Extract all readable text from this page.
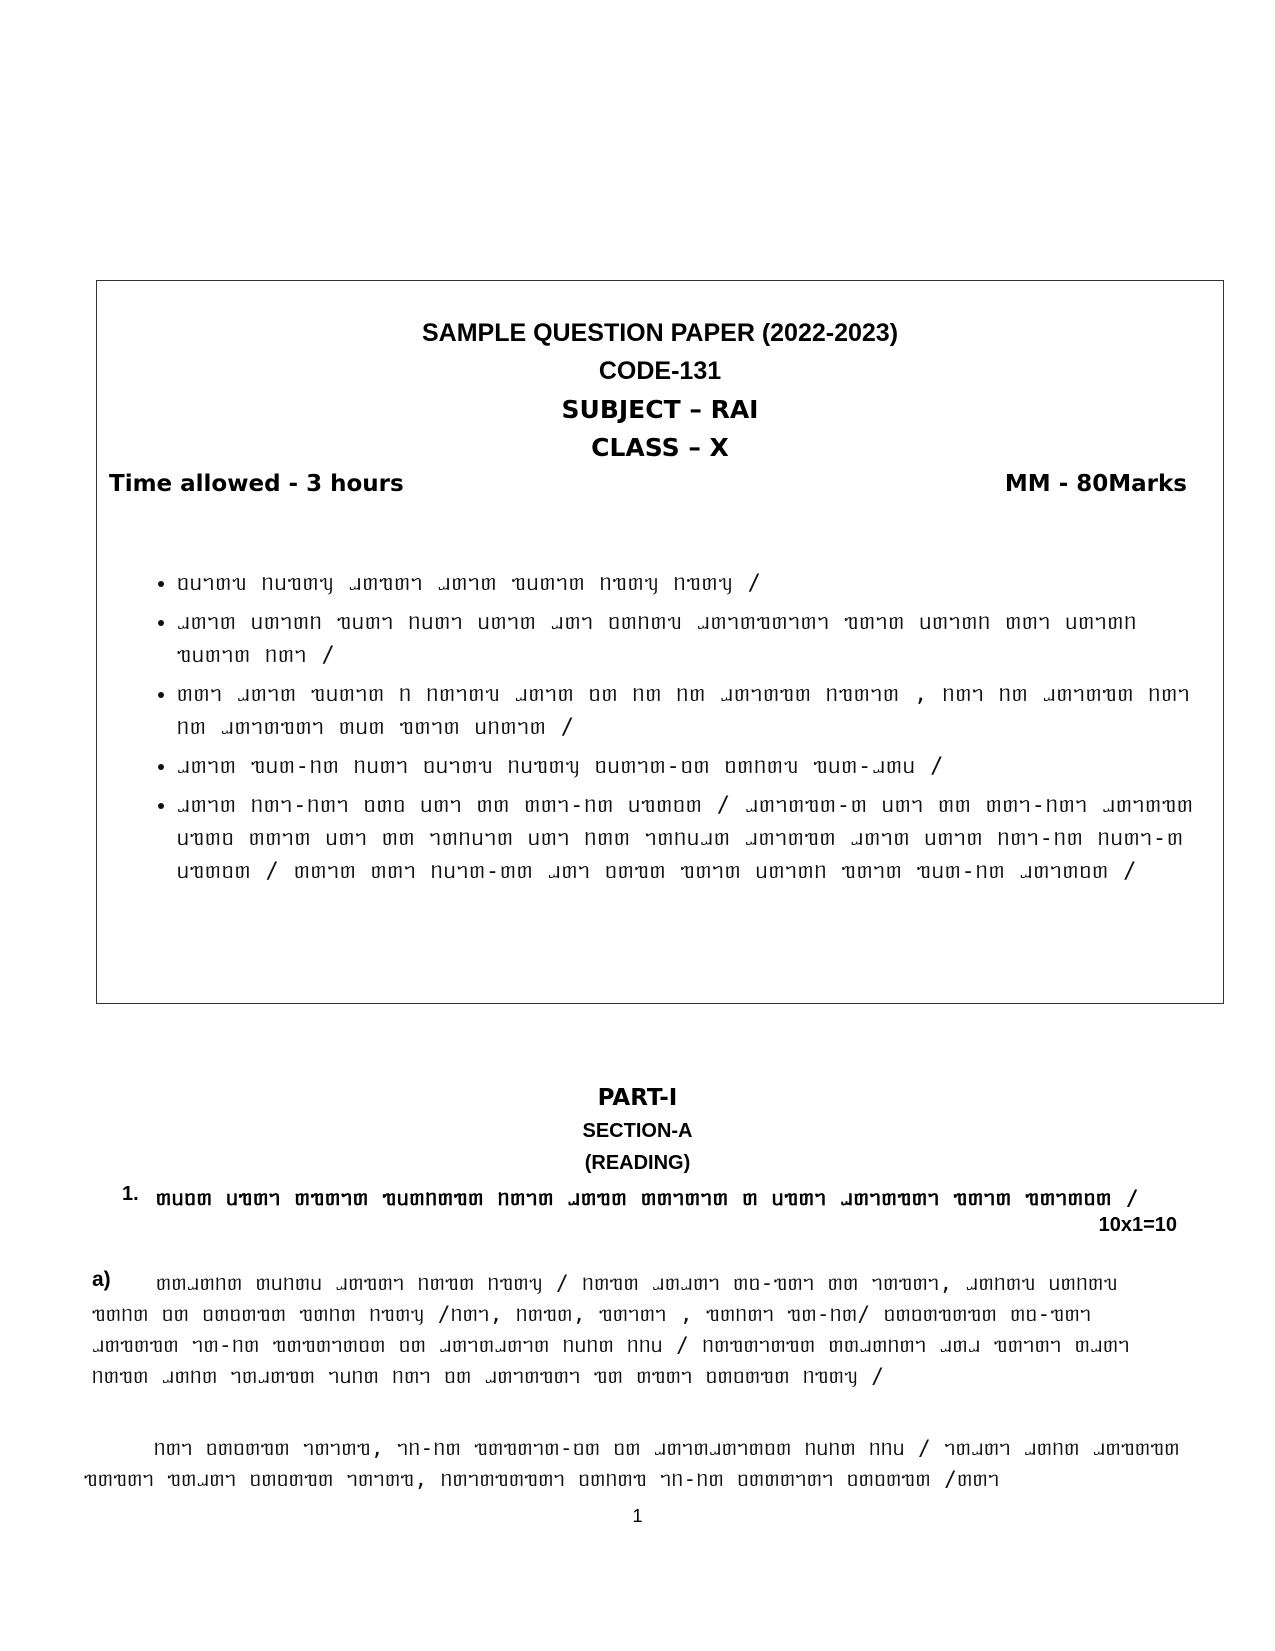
SAMPLE QUESTION PAPER (2022-2023)
CODE-131
SUBJECT – RAI
CLASS – X
Time allowed - 3 hours	MM - 80Marks
• ᥝᥙᥐᥖᥔ ᥒᥙᥓᥖᥡ ᥘᥖᥓᥖᥐ ᥘᥖᥐᥖ ᥓᥙᥖᥐᥖ ᥒᥓᥖᥡ ᥒᥓᥖᥡ /
• ᥘᥖᥐᥖ ᥙᥖᥐᥖᥒ ᥓᥙᥖᥐ ᥒᥙᥖᥐ ᥙᥖᥐᥖ ᥘᥖᥐ ᥝᥖᥒᥖᥔ ᥘᥖᥐᥖᥓᥖᥐᥖᥐ ᥓᥖᥐᥖ ᥙᥖᥐᥖᥒ ᥖᥖᥐ ᥙᥖᥐᥖᥒ ᥓᥙᥖᥐᥖ ᥒᥖᥐ /
• ᥖᥖᥐ ᥘᥖᥐᥖ ᥓᥙᥖᥐᥖ ᥒ ᥒᥖᥐᥖᥔ ᥘᥖᥐᥖ ᥝᥖ ᥒᥖ ᥒᥖ ᥘᥖᥐᥖᥓᥖ ᥒᥓᥖᥐᥖ , ᥒᥖᥐ ᥒᥖ ᥘᥖᥐᥖᥓᥖ ᥒᥖᥐ ᥒᥖ ᥘᥖᥐᥖᥓᥖᥐ ᥖᥙᥖ ᥓᥖᥐᥖ ᥙᥒᥖᥐᥖ /
• ᥘᥖᥐᥖ ᥓᥙᥖ-ᥒᥖ ᥒᥙᥖᥐ ᥝᥙᥐᥖᥔ ᥒᥙᥓᥖᥡ ᥝᥙᥖᥐᥖ-ᥝᥖ ᥝᥖᥒᥖᥔ ᥓᥙᥖ-ᥘᥖᥙ /
• ᥘᥖᥐᥖ ᥒᥖᥐ-ᥒᥖᥐ ᥝᥖᥝ ᥙᥖᥐ ᥖᥖ ᥖᥖᥐ-ᥒᥖ ᥙᥓᥖᥝᥖ / ᥘᥖᥐᥖᥓᥖ-ᥖ ᥙᥖᥐ ᥖᥖ ᥖᥖᥐ-ᥒᥖᥐ ᥘᥖᥐᥖᥓᥖ ᥙᥓᥖᥝ ᥖᥖᥐᥖ ᥙᥖᥐ ᥖᥖ ᥐᥖᥒᥙᥐᥖ ᥙᥖᥐ ᥒᥖᥖ ᥐᥖᥒᥙᥘᥖ ᥘᥖᥐᥖᥓᥖ ᥘᥖᥐᥖ ᥙᥖᥐᥖ ᥒᥖᥐ-ᥒᥖ ᥒᥙᥖᥐ-ᥖ ᥙᥓᥖᥝᥖ / ᥖᥖᥐᥖ ᥖᥖᥐ ᥒᥙᥐᥖ-ᥖᥖ ᥘᥖᥐ ᥝᥖᥓᥖ ᥓᥖᥐᥖ ᥙᥖᥐᥖᥒ ᥓᥖᥐᥖ ᥓᥙᥖ-ᥒᥖ ᥘᥖᥐᥖᥝᥖ /
PART-I
SECTION-A
(READING)
1. ᥖᥙᥝᥖ ᥙᥓᥖᥐ ᥖᥓᥖᥐᥖ ᥓᥙᥖᥒᥖᥓᥖ ᥒᥖᥐᥖ ᥘᥖᥓᥖ ᥖᥖᥐᥖᥐᥖ ᥖ ᥙᥓᥖᥐ ᥘᥖᥐᥖᥓᥖᥐ ᥓᥖᥐᥖ ᥓᥖᥐᥖᥝᥖ /
10x1=10
a)	ᥖᥖᥘᥖᥒᥖ ᥖᥙᥒᥖᥙ ᥘᥖᥓᥖᥐ ᥒᥖᥓᥖ ᥒᥓᥖᥡ / ᥒᥖᥓᥖ ᥘᥖᥘᥖᥐ ᥖᥝ-ᥓᥖᥐ ᥖᥖ ᥐᥖᥓᥖᥐ, ᥘᥖᥒᥖᥔ ᥙᥖᥒᥖᥔ ᥓᥖᥒᥖ ᥝᥖ ᥝᥖᥝᥖᥓᥖ ᥓᥖᥒᥖ ᥒᥓᥖᥡ /ᥒᥖᥐ, ᥒᥖᥓᥖ, ᥓᥖᥐᥖᥐ , ᥓᥖᥒᥖᥐ ᥓᥖ-ᥒᥖ/ ᥝᥖᥝᥖᥓᥖᥓᥖ ᥖᥝ-ᥓᥖᥐ ᥘᥖᥓᥖᥓᥖ ᥐᥖ-ᥒᥖ ᥓᥖᥓᥖᥐᥖᥝᥖ ᥝᥖ ᥘᥖᥐᥖᥘᥖᥐᥖ ᥒᥙᥒᥖ ᥒᥒᥙ / ᥒᥖᥓᥖᥐᥖᥓᥖ ᥖᥖᥘᥖᥒᥖᥐ ᥘᥖᥘ ᥓᥖᥐᥖᥐ ᥖᥘᥖᥐ ᥒᥖᥓᥖ ᥘᥖᥒᥖ ᥐᥖᥘᥖᥓᥖ ᥐᥙᥒᥖ ᥒᥖᥐ ᥝᥖ ᥘᥖᥐᥖᥓᥖᥐ ᥓᥖ ᥖᥓᥖᥐ ᥝᥖᥝᥖᥓᥖ ᥒᥓᥖᥡ /

ᥒᥖᥐ ᥝᥖᥝᥖᥓᥖ ᥐᥖᥐᥖᥓ, ᥐᥒ-ᥒᥖ ᥓᥖᥓᥖᥐᥖ-ᥝᥖ ᥝᥖ ᥘᥖᥐᥖᥘᥖᥐᥖᥝᥖ ᥒᥙᥒᥖ ᥒᥒᥙ / ᥐᥖᥘᥖᥐ ᥘᥖᥒᥖ ᥘᥖᥓᥖᥓᥖ ᥓᥖᥓᥖᥐ ᥓᥖᥘᥖᥐ ᥝᥖᥝᥖᥓᥖ ᥐᥖᥐᥖᥓ, ᥒᥖᥐᥖᥓᥖᥓᥖᥐ ᥝᥖᥒᥖᥓ ᥐᥒ-ᥒᥖ ᥝᥖᥖᥖᥐᥖᥐ ᥝᥖᥝᥖᥓᥖ /ᥖᥖᥐ

1
